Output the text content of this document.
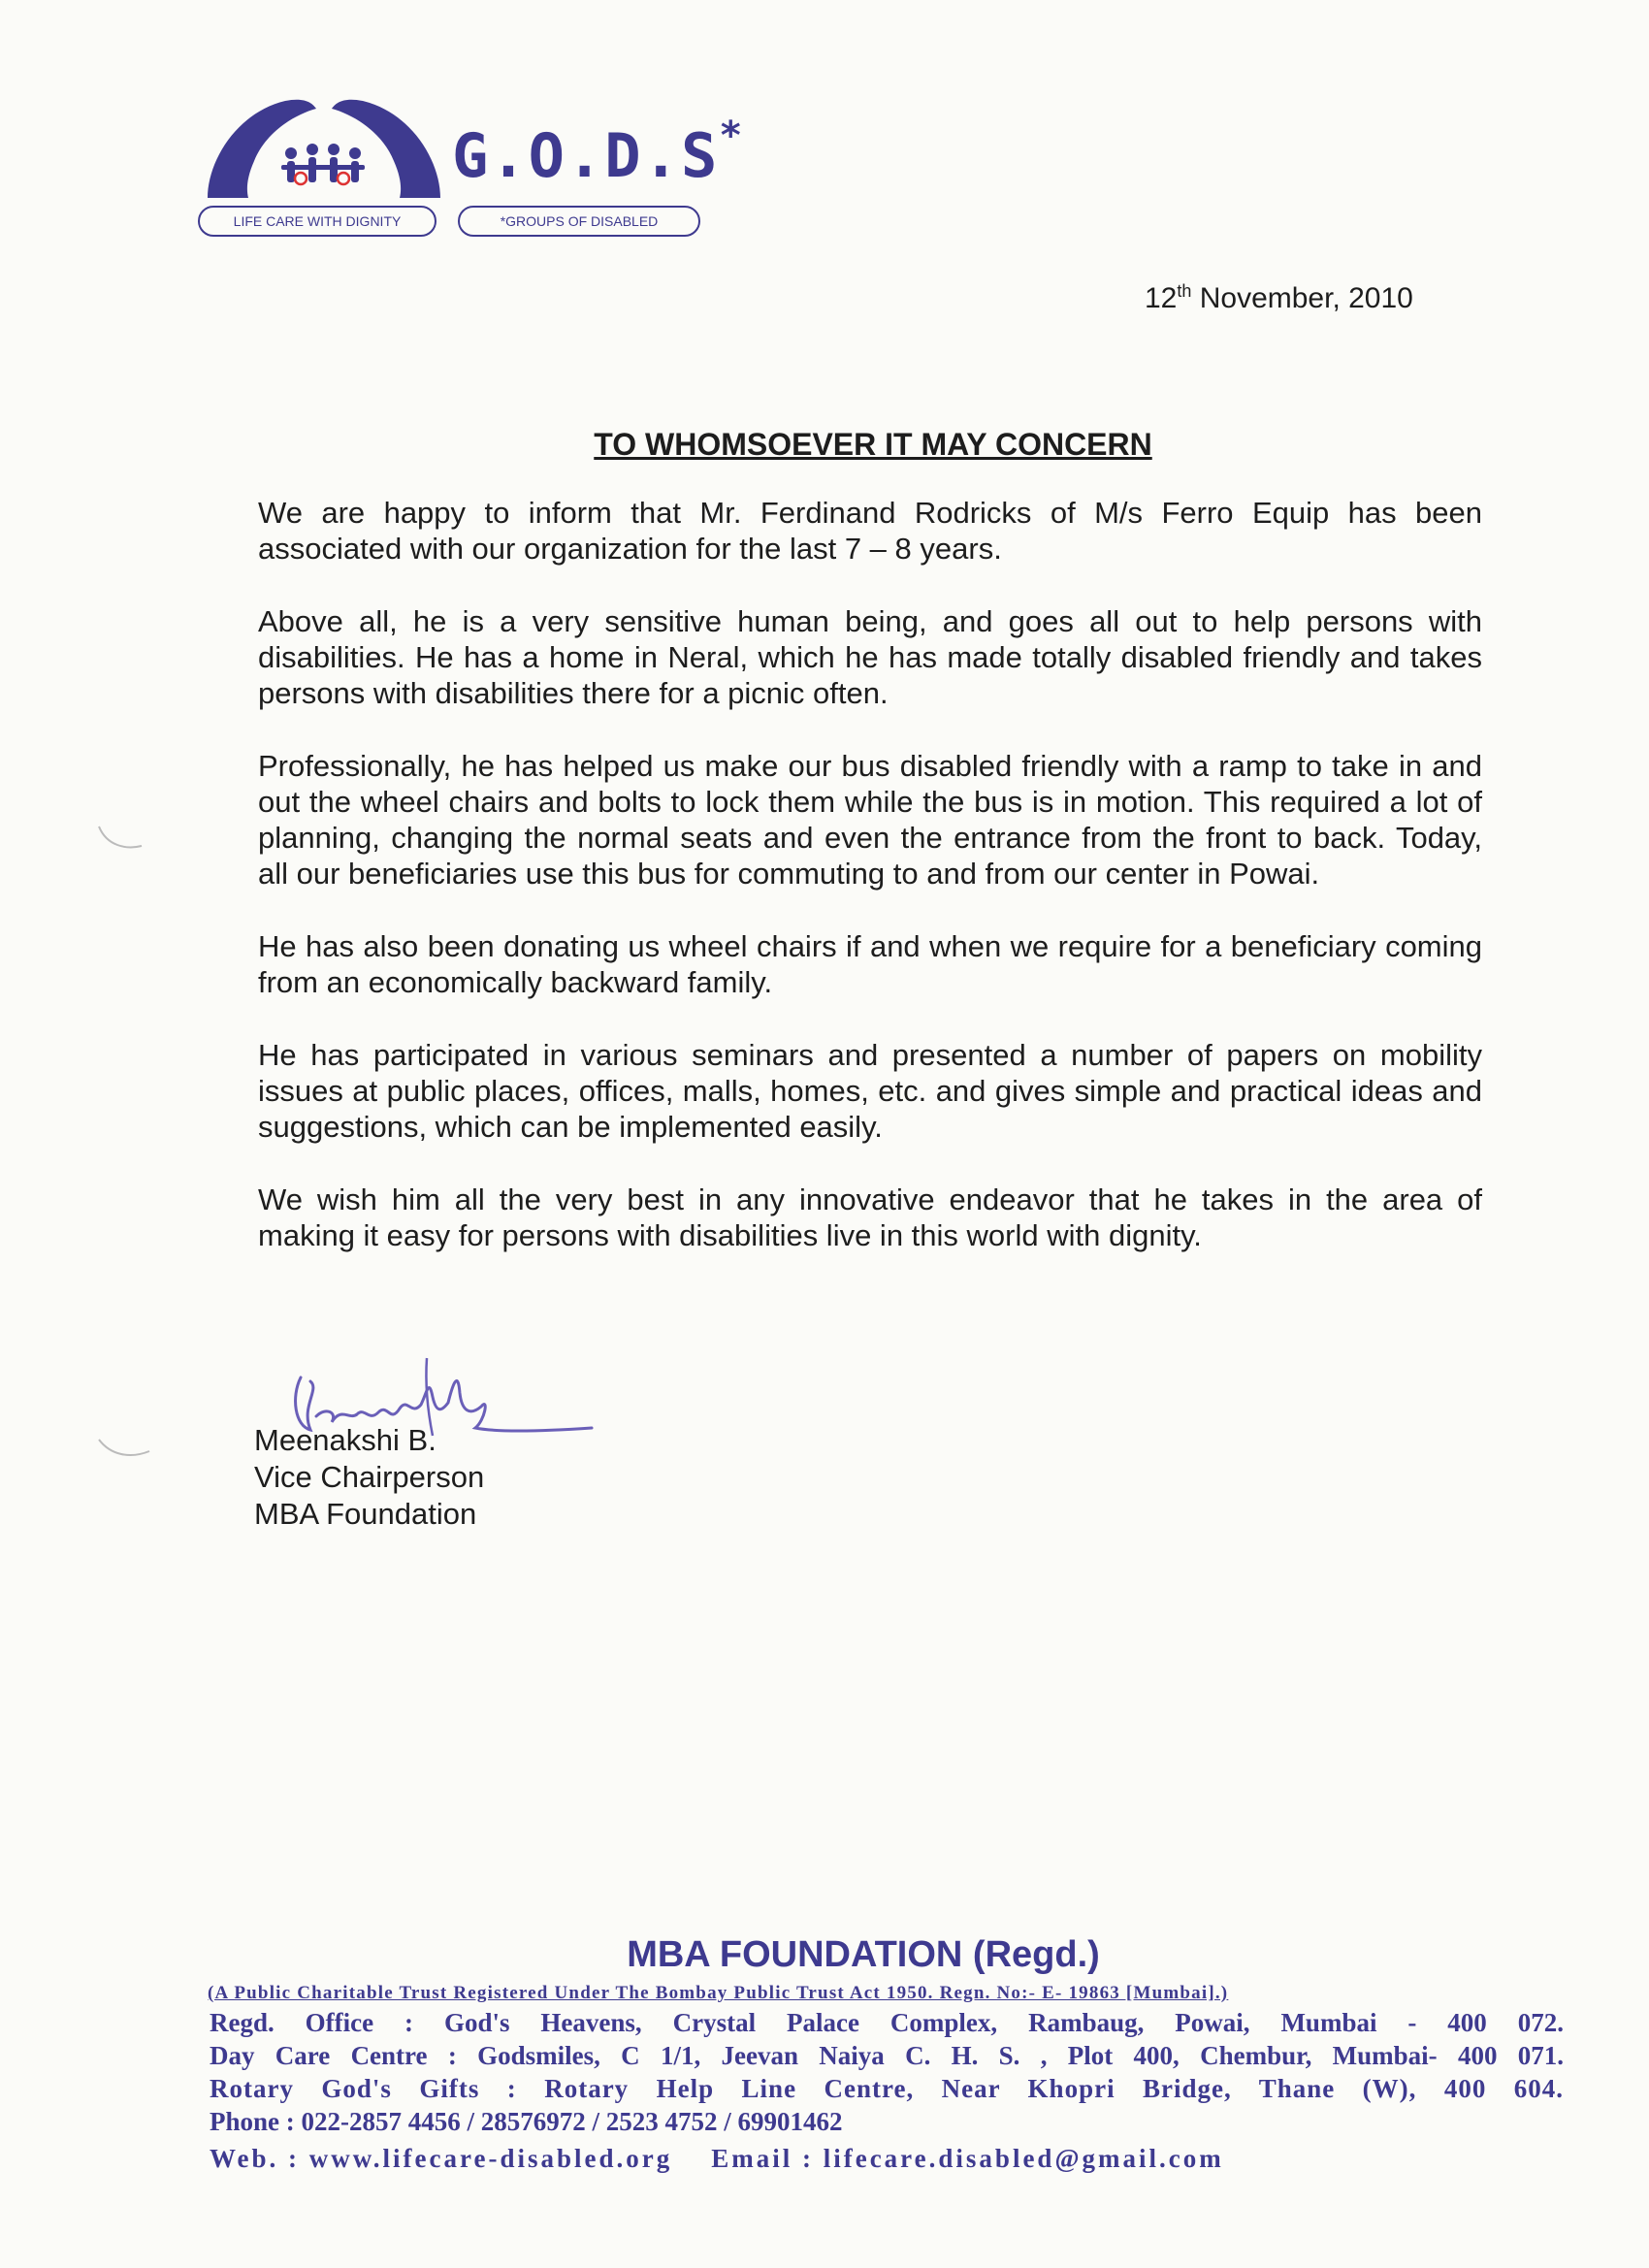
G.O.D.S*
LIFE CARE WITH DIGNITY	*GROUPS OF DISABLED
12th November, 2010
TO WHOMSOEVER IT MAY CONCERN

We are happy to inform that Mr. Ferdinand Rodricks of M/s Ferro Equip has been associated with our organization for the last 7 – 8 years.

Above all, he is a very sensitive human being, and goes all out to help persons with disabilities. He has a home in Neral, which he has made totally disabled friendly and takes persons with disabilities there for a picnic often.

Professionally, he has helped us make our bus disabled friendly with a ramp to take in and out the wheel chairs and bolts to lock them while the bus is in motion. This required a lot of planning, changing the normal seats and even the entrance from the front to back. Today, all our beneficiaries use this bus for commuting to and from our center in Powai.

He has also been donating us wheel chairs if and when we require for a beneficiary coming from an economically backward family.

He has participated in various seminars and presented a number of papers on mobility issues at public places, offices, malls, homes, etc. and gives simple and practical ideas and suggestions, which can be implemented easily.

We wish him all the very best in any innovative endeavor that he takes in the area of making it easy for persons with disabilities live in this world with dignity.

Meenakshi B.
Vice Chairperson
MBA Foundation
MBA FOUNDATION (Regd.)
(A Public Charitable Trust Registered Under The Bombay Public Trust Act 1950. Regn. No:- E- 19863 [Mumbai].)
Regd. Office : God's Heavens, Crystal Palace Complex, Rambaug, Powai, Mumbai - 400 072.
Day Care Centre : Godsmiles, C 1/1, Jeevan Naiya C. H. S. , Plot 400, Chembur, Mumbai- 400 071.
Rotary God's Gifts : Rotary Help Line Centre, Near Khopri Bridge, Thane (W), 400 604.
Phone : 022-2857 4456 / 28576972 / 2523 4752 / 69901462
Web. : www.lifecare-disabled.org Email : lifecare.disabled@gmail.com
